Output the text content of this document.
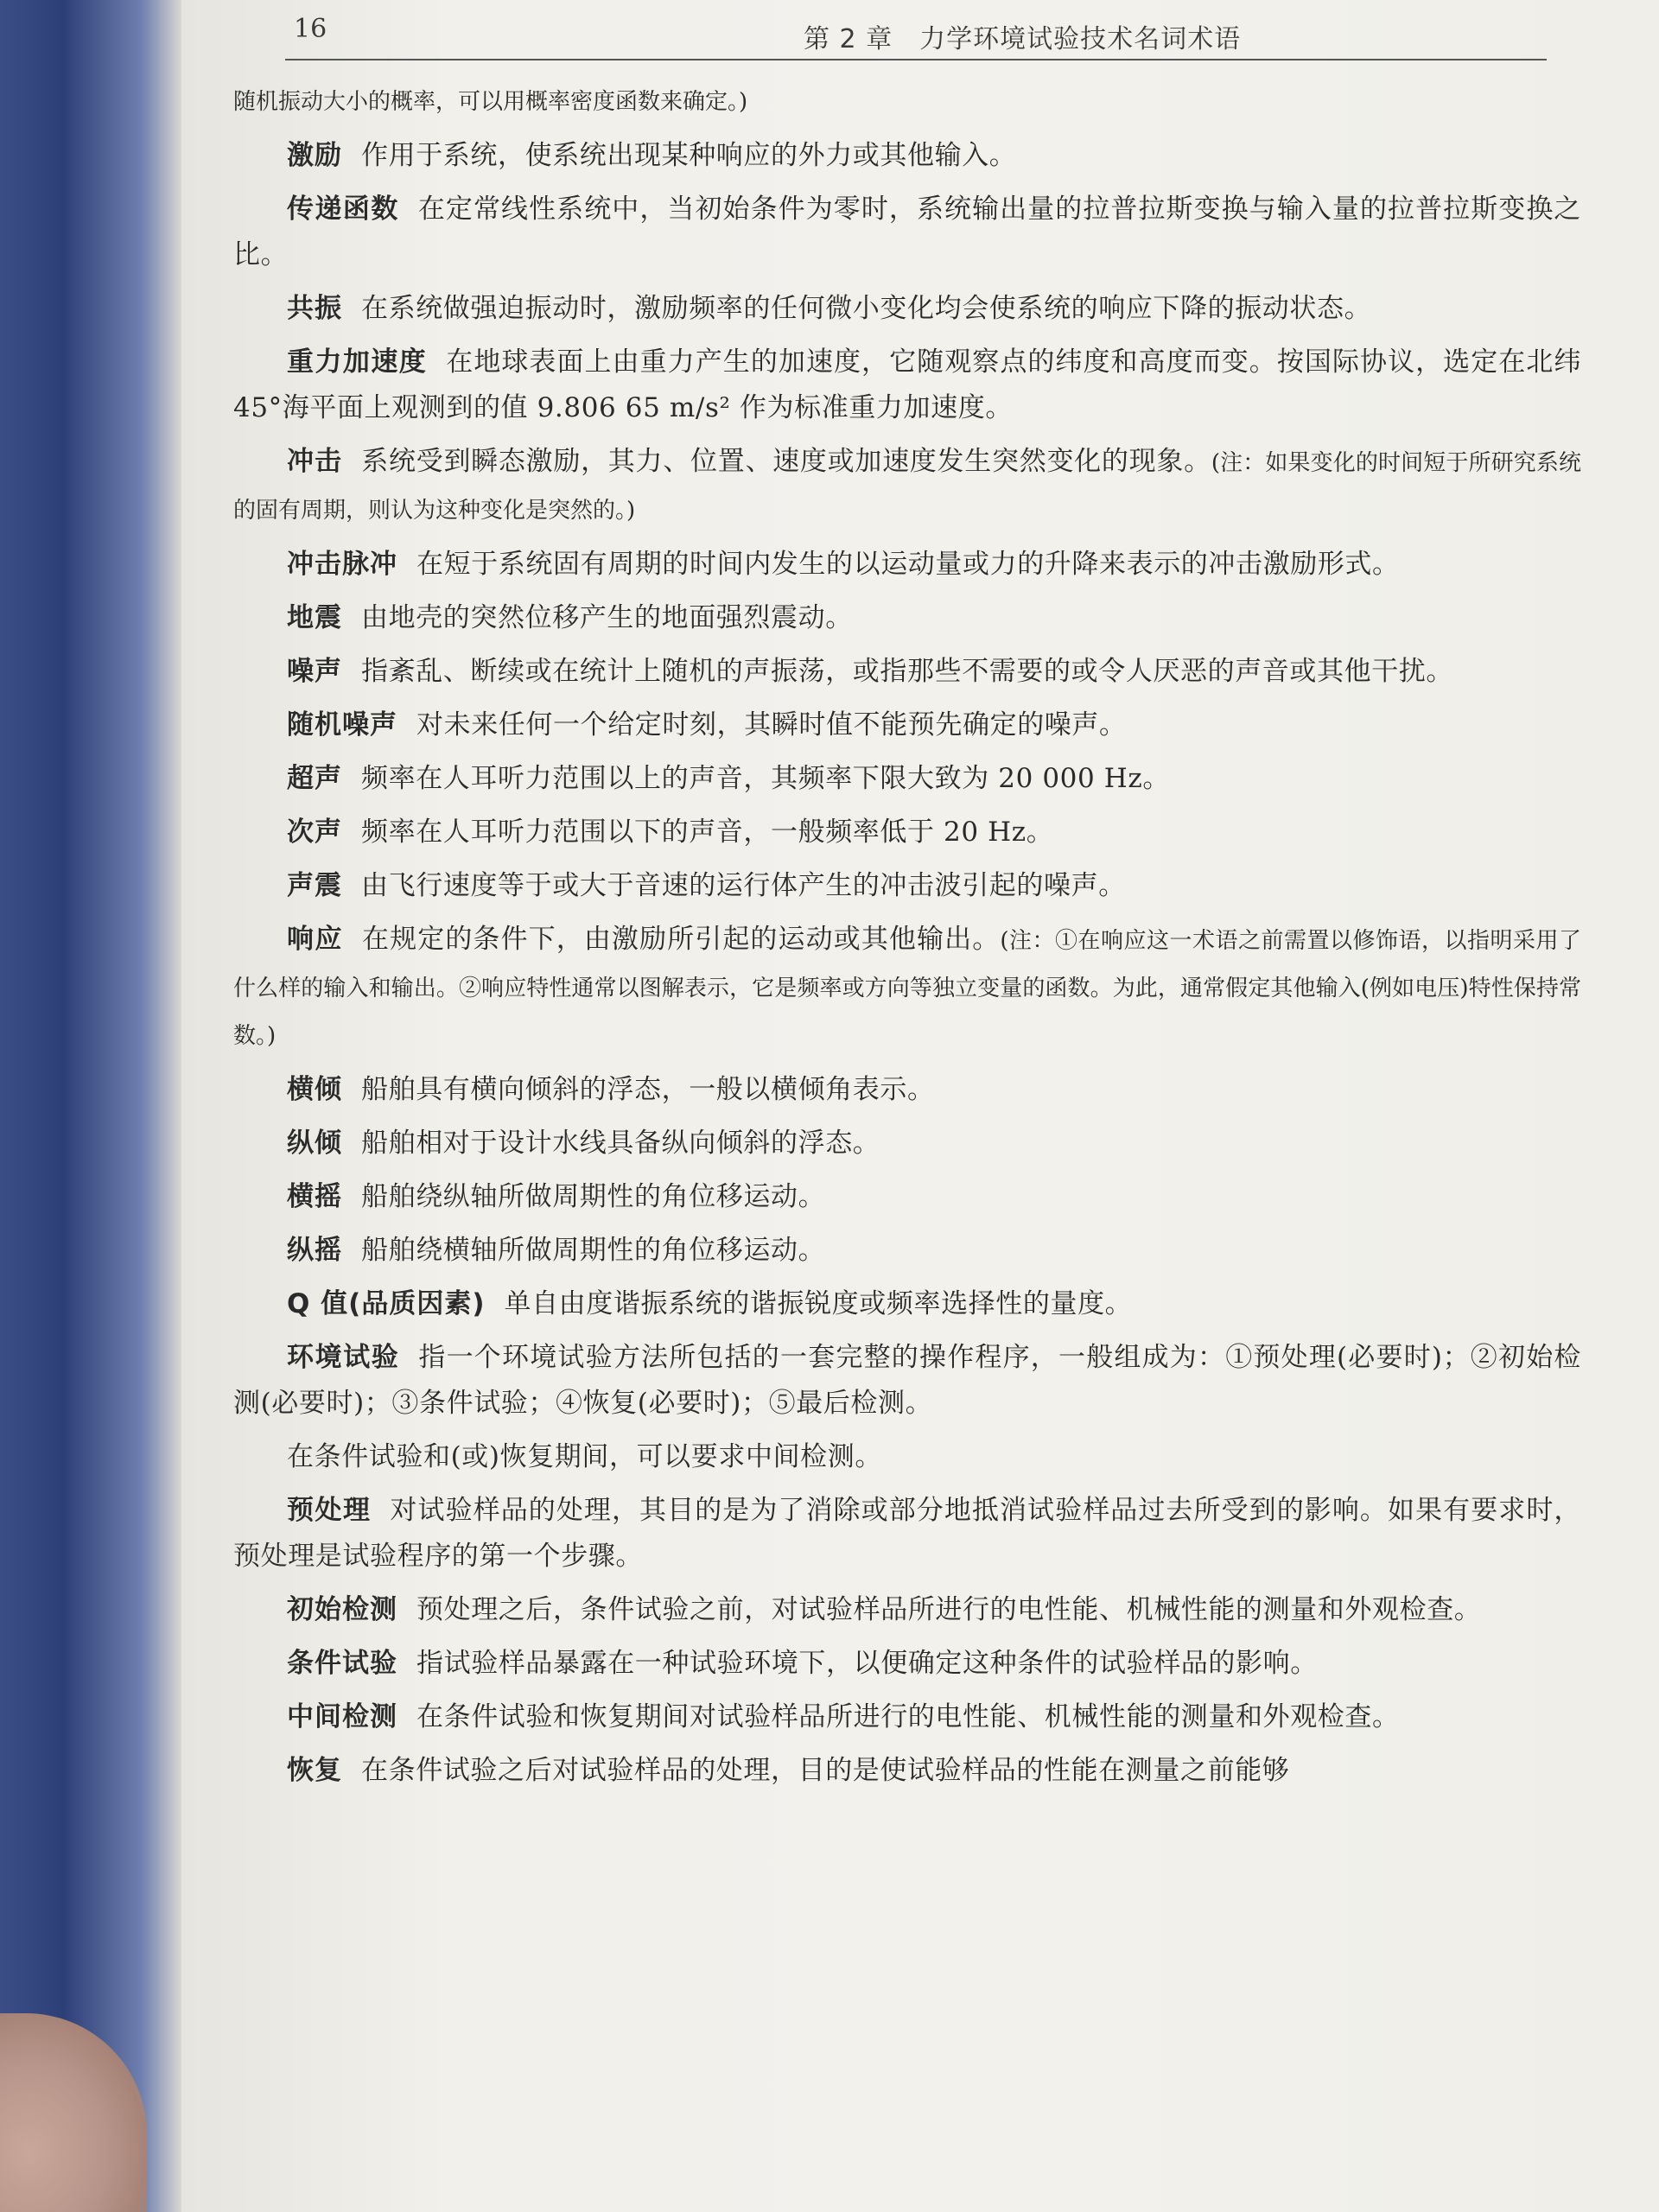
16	第 2 章　力学环境试验技术名词术语

随机振动大小的概率，可以用概率密度函数来确定。)

激励 作用于系统，使系统出现某种响应的外力或其他输入。

传递函数 在定常线性系统中，当初始条件为零时，系统输出量的拉普拉斯变换与输入量的拉普拉斯变换之比。

共振 在系统做强迫振动时，激励频率的任何微小变化均会使系统的响应下降的振动状态。

重力加速度 在地球表面上由重力产生的加速度，它随观察点的纬度和高度而变。按国际协议，选定在北纬 45°海平面上观测到的值 9.806 65 m/s² 作为标准重力加速度。

冲击 系统受到瞬态激励，其力、位置、速度或加速度发生突然变化的现象。(注：如果变化的时间短于所研究系统的固有周期，则认为这种变化是突然的。)

冲击脉冲 在短于系统固有周期的时间内发生的以运动量或力的升降来表示的冲击激励形式。

地震 由地壳的突然位移产生的地面强烈震动。

噪声 指紊乱、断续或在统计上随机的声振荡，或指那些不需要的或令人厌恶的声音或其他干扰。

随机噪声 对未来任何一个给定时刻，其瞬时值不能预先确定的噪声。

超声 频率在人耳听力范围以上的声音，其频率下限大致为 20 000 Hz。

次声 频率在人耳听力范围以下的声音，一般频率低于 20 Hz。

声震 由飞行速度等于或大于音速的运行体产生的冲击波引起的噪声。

响应 在规定的条件下，由激励所引起的运动或其他输出。(注：①在响应这一术语之前需置以修饰语，以指明采用了什么样的输入和输出。②响应特性通常以图解表示，它是频率或方向等独立变量的函数。为此，通常假定其他输入(例如电压)特性保持常数。)

横倾 船舶具有横向倾斜的浮态，一般以横倾角表示。

纵倾 船舶相对于设计水线具备纵向倾斜的浮态。

横摇 船舶绕纵轴所做周期性的角位移运动。

纵摇 船舶绕横轴所做周期性的角位移运动。

Q 值(品质因素) 单自由度谐振系统的谐振锐度或频率选择性的量度。

环境试验 指一个环境试验方法所包括的一套完整的操作程序，一般组成为：①预处理(必要时)；②初始检测(必要时)；③条件试验；④恢复(必要时)；⑤最后检测。

在条件试验和(或)恢复期间，可以要求中间检测。

预处理 对试验样品的处理，其目的是为了消除或部分地抵消试验样品过去所受到的影响。如果有要求时，预处理是试验程序的第一个步骤。

初始检测 预处理之后，条件试验之前，对试验样品所进行的电性能、机械性能的测量和外观检查。

条件试验 指试验样品暴露在一种试验环境下，以便确定这种条件的试验样品的影响。

中间检测 在条件试验和恢复期间对试验样品所进行的电性能、机械性能的测量和外观检查。

恢复 在条件试验之后对试验样品的处理，目的是使试验样品的性能在测量之前能够
